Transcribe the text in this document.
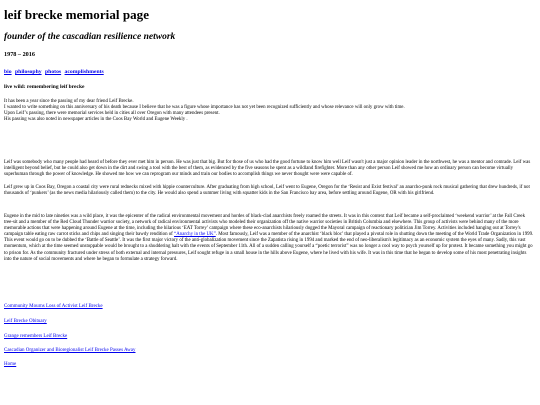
leif brecke memorial page
founder of the cascadian resilience network
1978 – 2016
bio philosophy photos acomplishments
live wild: remembering leif brecke
It has been a year since the passing of my dear friend Leif Brecke.
I wanted to write something on this anniversary of his death because I believe that he was a figure whose importance has not yet been recognized sufficiently and whose relevance will only grow with time.
Upon Leif’s passing, there were memorial services held in cities all over Oregon with many attendees present.
His passing was also noted in newspaper articles in the Coos Bay World and Eugene Weekly .
Leif was somebody who many people had heard of before they ever met him in person. He was just that big. But for those of us who had the good fortune to know him well Leif wasn't just a major opinion leader in the northwest, he was a mentor and comrade. Leif was intelligent beyond belief, but he could also get down in the dirt and swing a tool with the best of them, as evidenced by the five seasons he spent as a wildland firefighter. More than any other person Leif showed me how an ordinary person can become virtually superhuman through the power of knowledge. He showed me how we can reprogram our minds and train our bodies to accomplish things we never thought were were capable of.
Leif grew up in Coos Bay, Oregon a coastal city were rural rednecks mixed with hippie counterculture. After graduating from high school, Leif went to Eugene, Oregon for the ‘Resist and Exist festival’ an anarcho-punk rock musical gathering that drew hundreds, if not thousands of ‘punkers’ (as the news media hilariously called them) to the city. He would also spend a summer living with squatter kids in the San Francisco bay area, before settling around Eugene, OR with his girlfriend.
Eugene in the mid to late nineties was a wild place, it was the epicenter of the radical environmental movement and hordes of black-clad anarchists freely roamed the streets. It was in this context that Leif became a self-proclaimed ‘weekend warrior’ at the Fall Creek tree-sit and a member of the Red Cloud Thunder warrior society, a network of radical environmental activists who modeled their organization off the native warrior societies in British Columbia and elsewhere. This group of activists were behind many of the more memorable actions that were happening around Eugene at the time, including the hilarious ‘EAT Torrey’ campaign where these eco-anarchists hilariously dogged the Mayoral campaign of reactionary politician Jim Torrey. Activities included hanging out at Torrey's campaign table eating raw carrot sticks and chips and singing their bawdy rendition of “Anarchy in the UK”. Most famously, Leif was a member of the anarchist ‘black bloc’ that played a pivotal role in shutting down the meeting of the World Trade Organization in 1999. This event would go on to be dubbed the ‘Battle of Seattle’. It was the first major victory of the anti-globalization movement since the Zapatista rising in 1994 and marked the end of neo-liberalism's legitimacy as an economic system the eyes of many. Sadly, this vast momentum, which at the time seemed unstoppable would be brought to a shuddering halt with the events of September 11th. All of a sudden calling yourself a “poetic terrorist” was no longer a cool way to psych yourself up for protest. It became something you might go to prison for. As the community fractured under stress of both external and internal pressures, Leif sought refuge in a small house in the hills above Eugene, where he lived with his wife. It was in this time that he began to develop some of his most penetrating insights into the nature of social movements and where he began to formulate a strategy forward.
Community Mourns Loss of Activist Leif Brecke
Leif Brecke Obituary
Grange remembers Leif Brecke
Cascadian Organizer and Bioregionalist Leif Brecke Passes Away
Home
